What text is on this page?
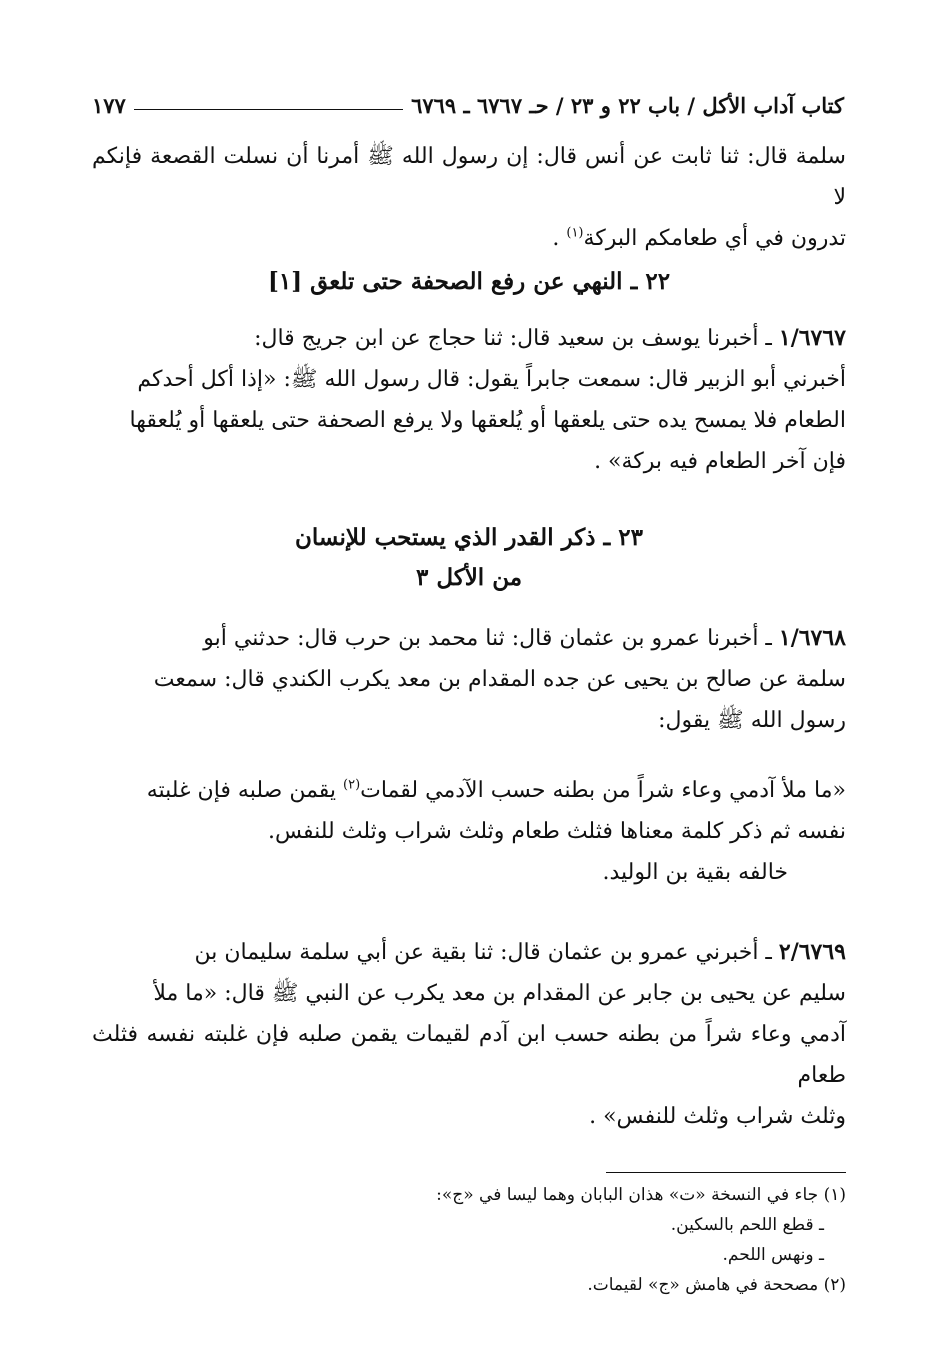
كتاب آداب الأكل / باب ٢٢ و ٢٣ / حـ ٦٧٦٧ ـ ٦٧٦٩
١٧٧
سلمة قال: ثنا ثابت عن أنس قال: إن رسول الله ﷺ أمرنا أن نسلت القصعة فإنكم لا
تدرون في أي طعامكم البركة$^{(١)}$ .
٢٢ ـ النهي عن رفع الصحفة حتى تلعق [١]
١/٦٧٦٧ ـ أخبرنا يوسف بن سعيد قال: ثنا حجاج عن ابن جريج قال:
أخبرني أبو الزبير قال: سمعت جابراً يقول: قال رسول الله ﷺ: «إذا أكل أحدكم
الطعام فلا يمسح يده حتى يلعقها أو يُلعقها ولا يرفع الصحفة حتى يلعقها أو يُلعقها
فإن آخر الطعام فيه بركة» .
٢٣ ـ ذكر القدر الذي يستحب للإنسان
من الأكل ٣
١/٦٧٦٨ ـ أخبرنا عمرو بن عثمان قال: ثنا محمد بن حرب قال: حدثني أبو
سلمة عن صالح بن يحيى عن جده المقدام بن معد يكرب الكندي قال: سمعت
رسول الله ﷺ يقول:
«ما ملأ آدمي وعاء شراً من بطنه حسب الآدمي لقمات$^{(٢)}$ يقمن صلبه فإن غلبته
نفسه ثم ذكر كلمة معناها فثلث طعام وثلث شراب وثلث للنفس.
خالفه بقية بن الوليد.
٢/٦٧٦٩ ـ أخبرني عمرو بن عثمان قال: ثنا بقية عن أبي سلمة سليمان بن
سليم عن يحيى بن جابر عن المقدام بن معد يكرب عن النبي ﷺ قال: «ما ملأ
آدمي وعاء شراً من بطنه حسب ابن آدم لقيمات يقمن صلبه فإن غلبته نفسه فثلث طعام
وثلث شراب وثلث للنفس» .
(١) جاء في النسخة «ت» هذان البابان وهما ليسا في «ج»:
ـ قطع اللحم بالسكين.
ـ ونهس اللحم.
(٢) مصححة في هامش «ج» لقيمات.
